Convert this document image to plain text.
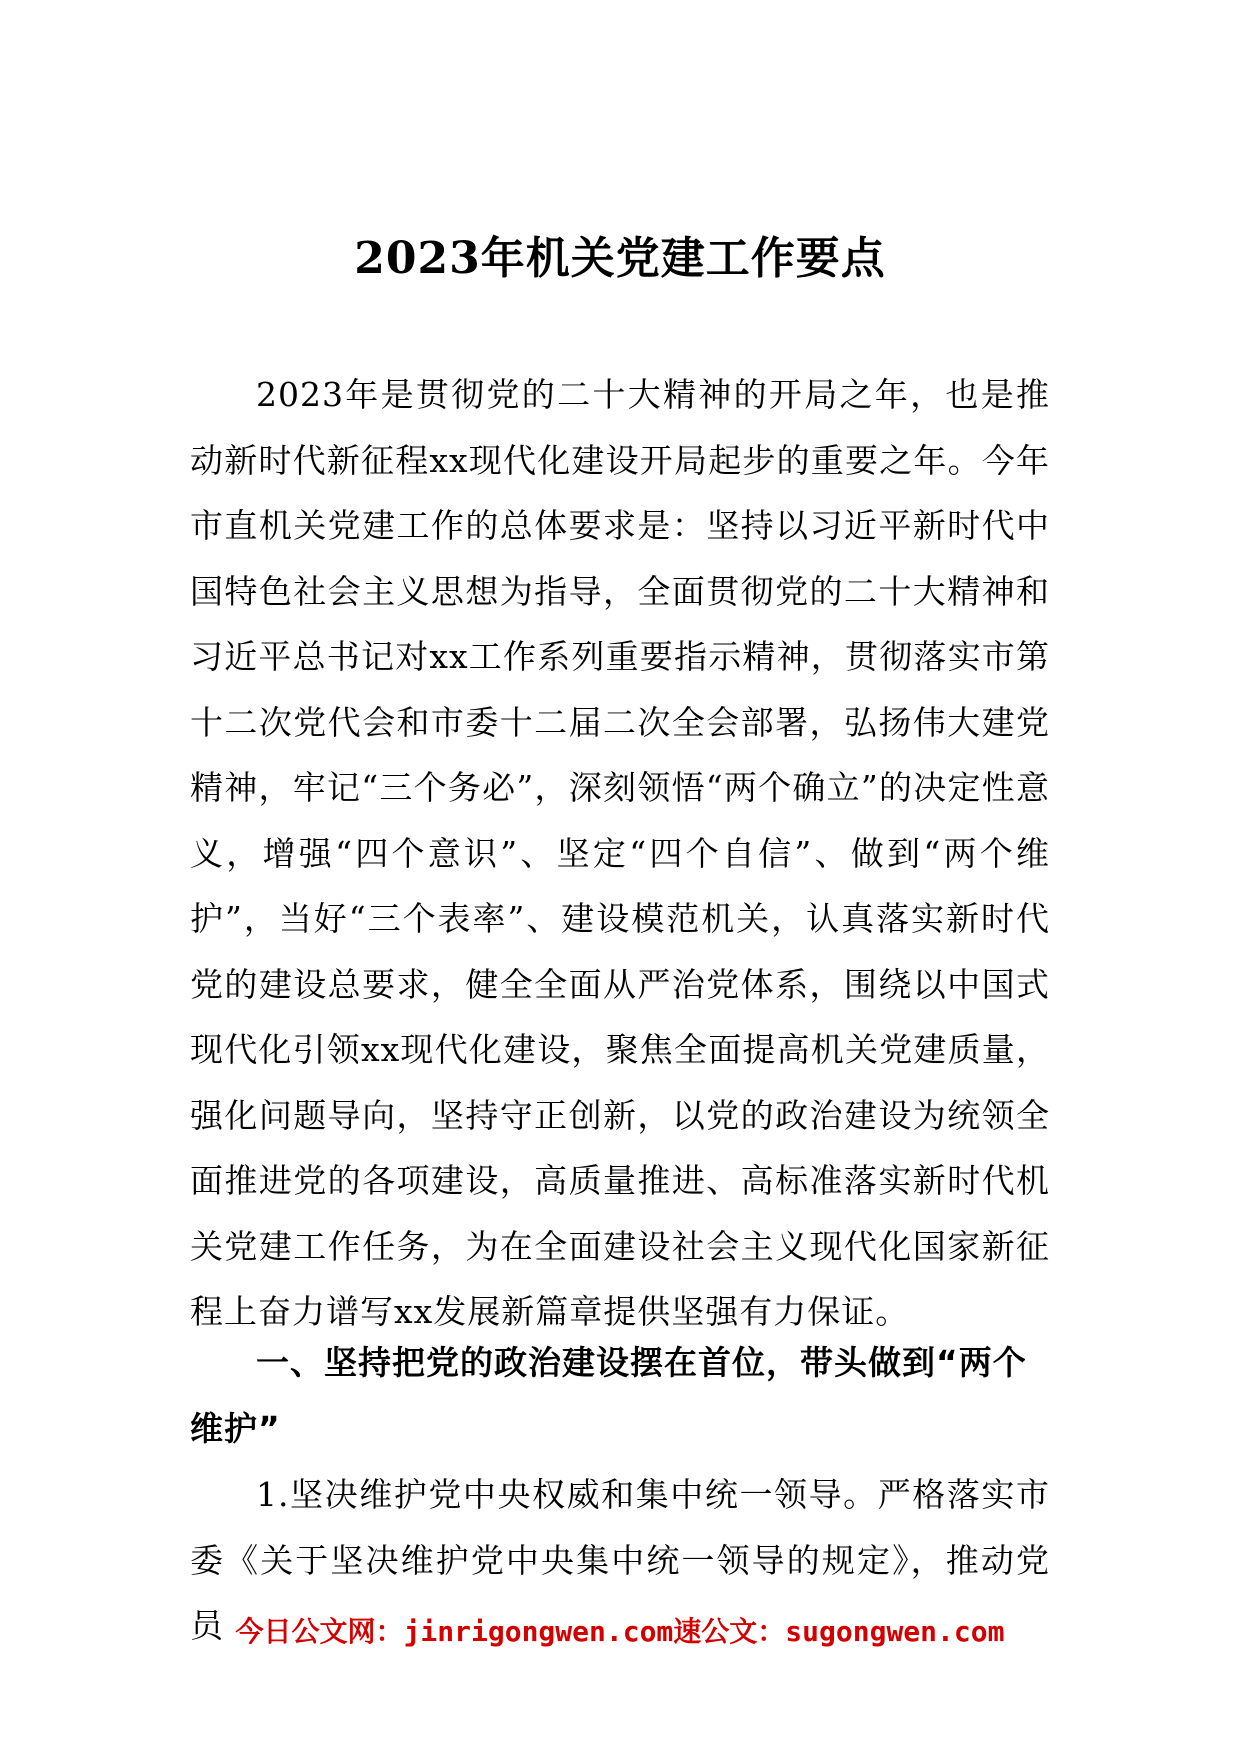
2023年机关党建工作要点

2023年是贯彻党的二十大精神的开局之年，也是推动新时代新征程xx现代化建设开局起步的重要之年。今年市直机关党建工作的总体要求是：坚持以习近平新时代中国特色社会主义思想为指导，全面贯彻党的二十大精神和习近平总书记对xx工作系列重要指示精神，贯彻落实市第十二次党代会和市委十二届二次全会部署，弘扬伟大建党精神，牢记“三个务必”，深刻领悟“两个确立”的决定性意义，增强“四个意识”、坚定“四个自信”、做到“两个维护”，当好“三个表率”、建设模范机关，认真落实新时代党的建设总要求，健全全面从严治党体系，围绕以中国式现代化引领xx现代化建设，聚焦全面提高机关党建质量，强化问题导向，坚持守正创新，以党的政治建设为统领全面推进党的各项建设，高质量推进、高标准落实新时代机关党建工作任务，为在全面建设社会主义现代化国家新征程上奋力谱写xx发展新篇章提供坚强有力保证。

一、坚持把党的政治建设摆在首位，带头做到“两个维护”

1.坚决维护党中央权威和集中统一领导。严格落实市委《关于坚决维护党中央集中统一领导的规定》，推动党员 今日公文网：jinrigongwen.com速公文：sugongwen.com
